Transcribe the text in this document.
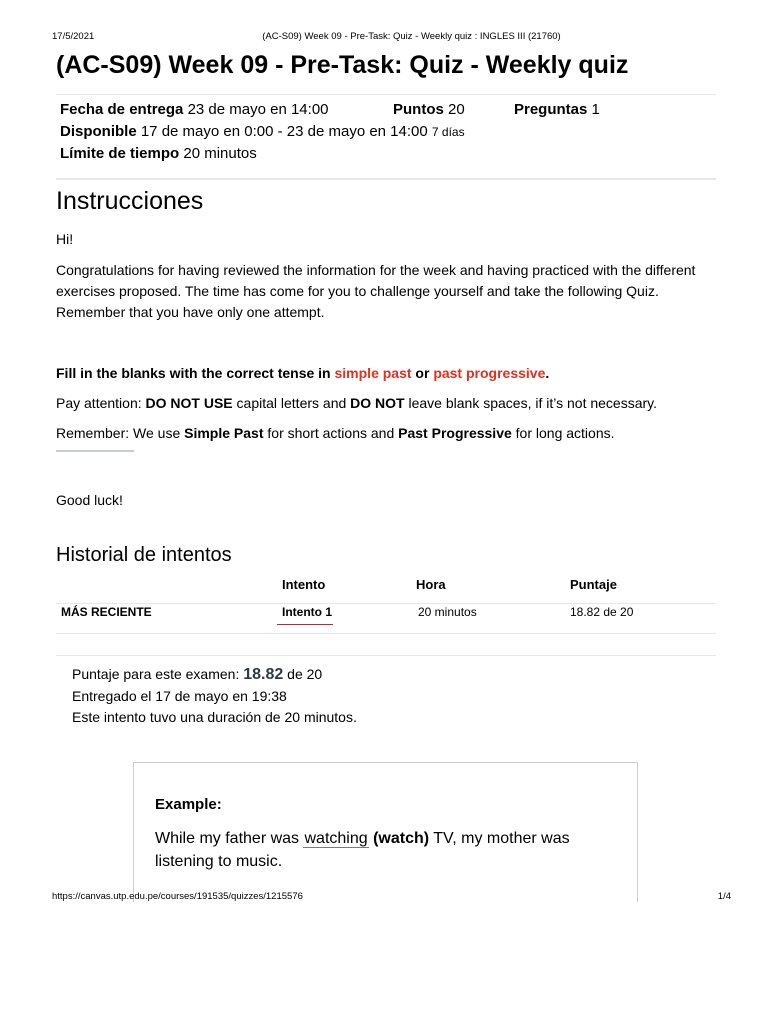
17/5/2021	(AC-S09) Week 09 - Pre-Task: Quiz - Weekly quiz : INGLES III (21760)
(AC-S09) Week 09 - Pre-Task: Quiz - Weekly quiz
Fecha de entrega 23 de mayo en 14:00	Puntos 20	Preguntas 1
Disponible 17 de mayo en 0:00 - 23 de mayo en 14:00 7 días
Límite de tiempo 20 minutos
Instrucciones

Hi!

Congratulations for having reviewed the information for the week and having practiced with the different
exercises proposed. The time has come for you to challenge yourself and take the following Quiz.
Remember that you have only one attempt.

Fill in the blanks with the correct tense in simple past or past progressive.

Pay attention: DO NOT USE capital letters and DO NOT leave blank spaces, if it’s not necessary.

Remember: We use Simple Past for short actions and Past Progressive for long actions.

Good luck!

Historial de intentos
Intento	Hora	Puntaje
MÁS RECIENTE	Intento 1	20 minutos	18.82 de 20
Puntaje para este examen: 18.82 de 20
Entregado el 17 de mayo en 19:38
Este intento tuvo una duración de 20 minutos.
Example:
While my father was watching (watch) TV, my mother was
listening to music.
https://canvas.utp.edu.pe/courses/191535/quizzes/1215576	1/4
